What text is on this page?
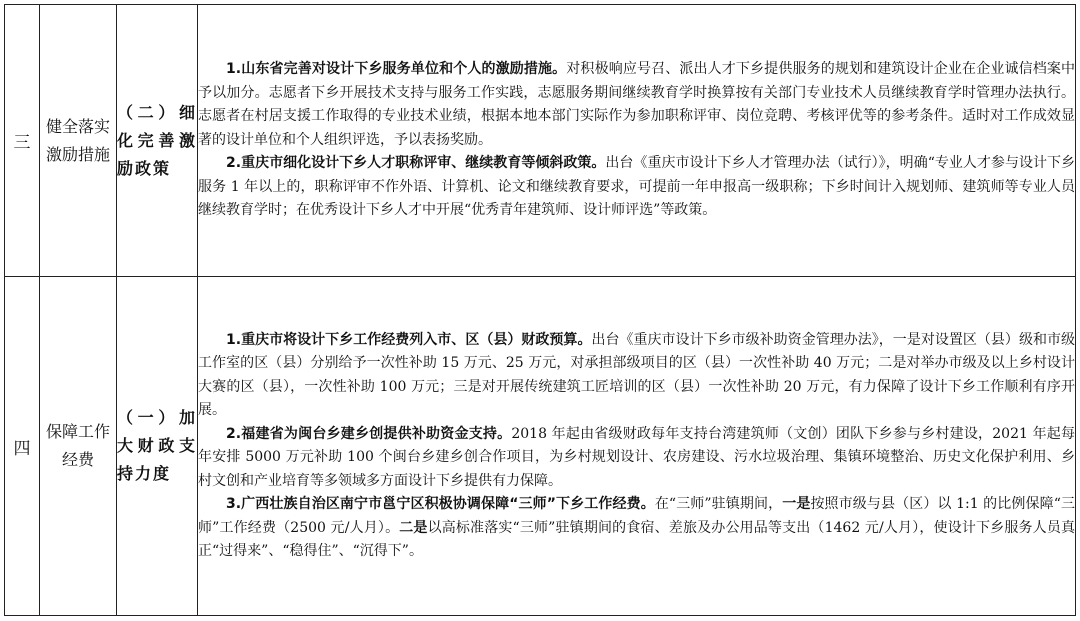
三	健全落实激励措施	（二）细化完善激励政策	1.山东省完善对设计下乡服务单位和个人的激励措施。对积极响应号召、派出人才下乡提供服务的规划和建筑设计企业在企业诚信档案中予以加分。志愿者下乡开展技术支持与服务工作实践，志愿服务期间继续教育学时换算按有关部门专业技术人员继续教育学时管理办法执行。志愿者在村居支援工作取得的专业技术业绩，根据本地本部门实际作为参加职称评审、岗位竞聘、考核评优等的参考条件。适时对工作成效显著的设计单位和个人组织评选，予以表扬奖励。

2.重庆市细化设计下乡人才职称评审、继续教育等倾斜政策。出台《重庆市设计下乡人才管理办法（试行）》，明确“专业人才参与设计下乡服务 1 年以上的，职称评审不作外语、计算机、论文和继续教育要求，可提前一年申报高一级职称；下乡时间计入规划师、建筑师等专业人员继续教育学时；在优秀设计下乡人才中开展“优秀青年建筑师、设计师评选”等政策。

四	保障工作经费	（一）加大财政支持力度	1.重庆市将设计下乡工作经费列入市、区（县）财政预算。出台《重庆市设计下乡市级补助资金管理办法》，一是对设置区（县）级和市级工作室的区（县）分别给予一次性补助 15 万元、25 万元，对承担部级项目的区（县）一次性补助 40 万元；二是对举办市级及以上乡村设计大赛的区（县），一次性补助 100 万元；三是对开展传统建筑工匠培训的区（县）一次性补助 20 万元，有力保障了设计下乡工作顺利有序开展。

2.福建省为闽台乡建乡创提供补助资金支持。2018 年起由省级财政每年支持台湾建筑师（文创）团队下乡参与乡村建设，2021 年起每年安排 5000 万元补助 100 个闽台乡建乡创合作项目，为乡村规划设计、农房建设、污水垃圾治理、集镇环境整治、历史文化保护利用、乡村文创和产业培育等多领域多方面设计下乡提供有力保障。

3.广西壮族自治区南宁市邕宁区积极协调保障“三师”下乡工作经费。在“三师”驻镇期间，一是按照市级与县（区）以 1:1 的比例保障“三师”工作经费（2500 元/人月）。二是以高标准落实“三师”驻镇期间的食宿、差旅及办公用品等支出（1462 元/人月），使设计下乡服务人员真正“过得来”、“稳得住”、“沉得下”。
